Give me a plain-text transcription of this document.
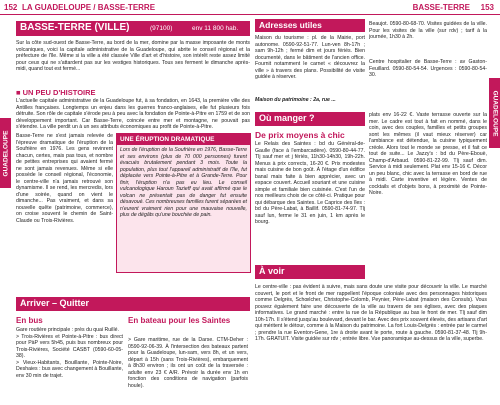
152 LA GUADELOUPE / BASSE-TERRE
GUADELOUPE
BASSE-TERRE (VILLE)	(97100)	env 11 800 hab.
Sur la côte sud-ouest de Basse-Terre, au bord de la mer, domine par la masse imposante de monts volcaniques, voici la capitale administrative de la Guadeloupe, qui abrite le conseil régional et la préfecture de l'île. Même si la ville a été classée Ville d'art et d'histoire, son intérêt reste assez limité pour ceux qui ne s'attardent pas sur les vestiges historiques. Tous ses ferment le dimanche après-midi, quand tout est fermé...
■ UN PEU D'HISTOIRE
L'actuelle capitale administrative de la Guadeloupe fut, à sa fondation, en 1643, la première ville des Antilles françaises. Longtemps un enjeu dans les guerres franco-anglaises, elle fut plusieurs fois détruite. Son rôle de capitale s'érode peu à peu avec la fondation de Pointe-à-Pitre en 1759 et de son développement important. Car Basse-Terre, coincée entre mer et montagne, ne pouvait pas s'étendre. La ville perdit un à un ses attributs économiques au profit de Pointe-à-Pitre.
Basse-Terre ne s'est jamais relevée de l'épreuve dramatique de l'éruption de la Soufrière en 1976. Les gens revinrent chacun, certes, mais pas tous, et nombre de petites entreprises qui avaient fermé ne sont jamais revenues. Même si elle possède le conseil régional, l'économie, le centre-ville n'a jamais retrouvé son dynamisme. Il se rend, les mercredis, lors d'une soirée, quand on vient le dimanche... Pas vraiment, et dans sa nouvelle quête (patrimoine, commerce), on croise souvent le chemin de Saint-Claude ou Trois-Rivières.
UNE ÉRUPTION DRAMATIQUE
Lors de l'éruption de la Soufrière en 1976, Basse-Terre et ses environs (plus de 70 000 personnes) furent évacués brutalement pendant 3 mois. Toute la population, plus tout l'appareil administratif de l'île, fut déplacée vers Pointe-à-Pitre et à Grande-Terre. Pour finir, l'éruption n'a pas eu lieu. Le conseil vulcanologique Haroun Tazieff qui avait affirmé que le volcan ne présentait pas de danger fut ensuite désavoué. Ces nombreuses familles furent séparées et n'eurent vraiment rien pour une mauvaise nouvelle, plus de dégâts qu'une bouchée de pain.
Arriver – Quitter
En bus
Gare routière principale : près du quai Ruillé.
> Trois-Rivières et Pointe-à-Pitre : bus direct pour PàP vers 5h45, puis bus nombreux pour Trois-Rivières, Société CASBT (0590-60-05-38).
> Vieux-Habitants, Bouillante, Pointe-Noire, Deshaies : bus avec changement à Bouillante, env 30 min de trajet.
En bateau pour les Saintes
> Gare maritime, rue de la Darse. CTM-Deher : 0590-92-06-39. À l'intersection des bateaux partent pour la Guadeloupe, lun-sam, vers 8h, et un vers, départ à 15h (sans Trois-Rivières), embarquement à 8h30 environ ; ils ont un coût de la traversée : adulte env 23 € A/R. Prévoir la durée env 1h en fonction des conditions de navigation (parfois houle).
BASSE-TERRE 153
GUADELOUPE
Adresses utiles
Maison du tourisme : pl. de la Mairie, port autonome. 0590-92-51-77. Lun-ven 8h-17h ; sam 9h-12h ; fermé dim et jours fériés. Bien documenté, dans le bâtiment de l'ancien office. Fournit notamment le carnet « découvrez la ville » à travers des plans. Possibilité de visite guidée à réserver.
Maison du patrimoine : 2a, rue ...
Beaujot. 0590-80-68-70. Visites guidées de la ville. Pour les visites de la ville (sur rdv) ; tarif à la journée, 1h30 à 2h.
Centre hospitalier de Basse-Terre : av Gaston-Feuillard. 0590-80-54-54. Urgences : 0590-80-54-30.
Où manger ?
De prix moyens à chic
Le Relais des Saintes : bd du Général-de-Gaulle (face à l'embarcadère). 0590-80-44-77. Tlj sauf mer et j fériés, 11h30-14h30, 19h-22h. Menus à prix corrects, 16-20 €. Prix modestes mais cuisine de bon goût. À l'étage d'un édifice banal mais faite à bien apprécier, avec un espace couvert. Accueil souriant et une cuisine simple et familiale bien cuisinée. C'est l'un de nos meilleurs choix de ce côté-ci. Pratique pour qui débarque des Saintes. Le Caprice des îles : bd du Père-Labat, à Baillif. 0590-81-74-97. Tlj sauf lun, ferme le 31 en juin, 1 km après le bourg.
plats env 16-22 €. Vaste terrasse ouverte sur la mer. Le cadre est tout à fait en nommé, dans le coin, avec des couples, familles et petits groupes sont les mêmes (il vaut mieux réserver) car l'ambiance est détendue, la cuisine typiquement créole. Alors tout le monde se presse, et il fait ce tout de suite... Le Jazzy's : bd du Père-Ebouè, Champ-d'Arbaud. 0590-81-22-99. Tlj sauf dim. Service à midi seulement. Plat env 15-16 €. Décor un peu blanc, chic avec la terrasse en bord de rue à midi. Carte inventive et légère. Ventes de cocktails et d'objets bons, à proximité de Pointe-Noire.
À voir
Le centre-ville : pas évident à suivre, mais sans doute une visite pour découvrir la ville. Le marché couvert, le port et le front de mer rappellent l'époque coloniale avec des personnages historiques comme Delgrès, Schœlcher, Christophe-Colomb, Peynier, Père-Labat (maison des Consuls). Vous pouvez également faire une découverte de la ville au travers de ses églises, avec des plaques informatives. Le grand marché : entre la rue de la République au bas le front de mer. Tlj sauf dim 10h-17h. Il s'étend jusqu'au boulevard, devant le bar. Avec des prix souvent élevés, des artisans d'art qui méritent le détour, comme à la Maison du patrimoine. La fort Louis-Delgrès : entrée par le carmel ; prendre la rue Eventon-Gene, 1re à droite avant le porte, route à gauche. 0590-81-37-48. Tlj 9h-17h. GRATUIT. Visite guidée sur rdv ; entrée libre. Vue panoramique au-dessus de la ville, superbe.
